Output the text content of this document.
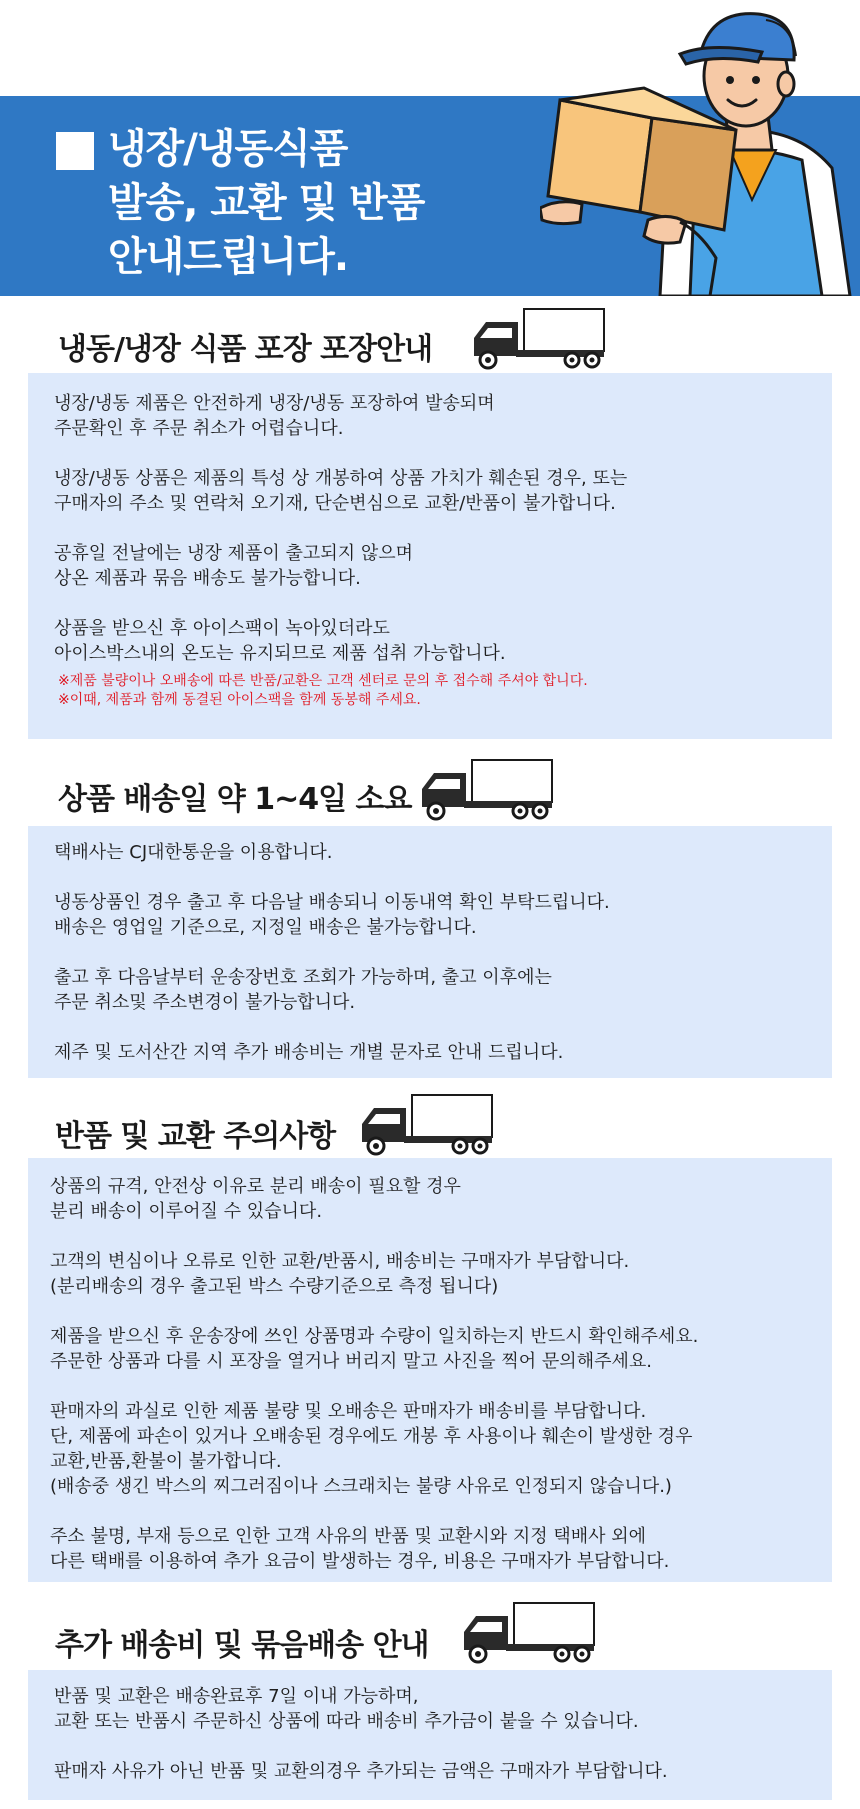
냉장/냉동식품
발송, 교환 및 반품
안내드립니다.
냉동/냉장 식품 포장 포장안내
냉장/냉동 제품은 안전하게 냉장/냉동 포장하여 발송되며
주문확인 후 주문 취소가 어렵습니다.
냉장/냉동 상품은 제품의 특성 상 개봉하여 상품 가치가 훼손된 경우, 또는
구매자의 주소 및 연락처 오기재, 단순변심으로 교환/반품이 불가합니다.
공휴일 전날에는 냉장 제품이 출고되지 않으며
상온 제품과 묶음 배송도 불가능합니다.
상품을 받으신 후 아이스팩이 녹아있더라도
아이스박스내의 온도는 유지되므로 제품 섭취 가능합니다.
※제품 불량이나 오배송에 따른 반품/교환은 고객 센터로 문의 후 접수해 주셔야 합니다.
※이때, 제품과 함께 동결된 아이스팩을 함께 동봉해 주세요.
상품 배송일 약 1~4일 소요
택배사는 CJ대한통운을 이용합니다.
냉동상품인 경우 출고 후 다음날 배송되니 이동내역 확인 부탁드립니다.
배송은 영업일 기준으로, 지정일 배송은 불가능합니다.
출고 후 다음날부터 운송장번호 조회가 가능하며, 출고 이후에는
주문 취소및 주소변경이 불가능합니다.
제주 및 도서산간 지역 추가 배송비는 개별 문자로 안내 드립니다.
반품 및 교환 주의사항
상품의 규격, 안전상 이유로 분리 배송이 필요할 경우
분리 배송이 이루어질 수 있습니다.
고객의 변심이나 오류로 인한 교환/반품시, 배송비는 구매자가 부담합니다.
(분리배송의 경우 출고된 박스 수량기준으로 측정 됩니다)
제품을 받으신 후 운송장에 쓰인 상품명과 수량이 일치하는지 반드시 확인해주세요.
주문한 상품과 다를 시 포장을 열거나 버리지 말고 사진을 찍어 문의해주세요.
판매자의 과실로 인한 제품 불량 및 오배송은 판매자가 배송비를 부담합니다.
단, 제품에 파손이 있거나 오배송된 경우에도 개봉 후 사용이나 훼손이 발생한 경우
교환,반품,환불이 불가합니다.
(배송중 생긴 박스의 찌그러짐이나 스크래치는 불량 사유로 인정되지 않습니다.)
주소 불명, 부재 등으로 인한 고객 사유의 반품 및 교환시와 지정 택배사 외에
다른 택배를 이용하여 추가 요금이 발생하는 경우, 비용은 구매자가 부담합니다.
추가 배송비 및 묶음배송 안내
반품 및 교환은 배송완료후 7일 이내 가능하며,
교환 또는 반품시 주문하신 상품에 따라 배송비 추가금이 붙을 수 있습니다.
판매자 사유가 아닌 반품 및 교환의경우 추가되는 금액은 구매자가 부담합니다.
